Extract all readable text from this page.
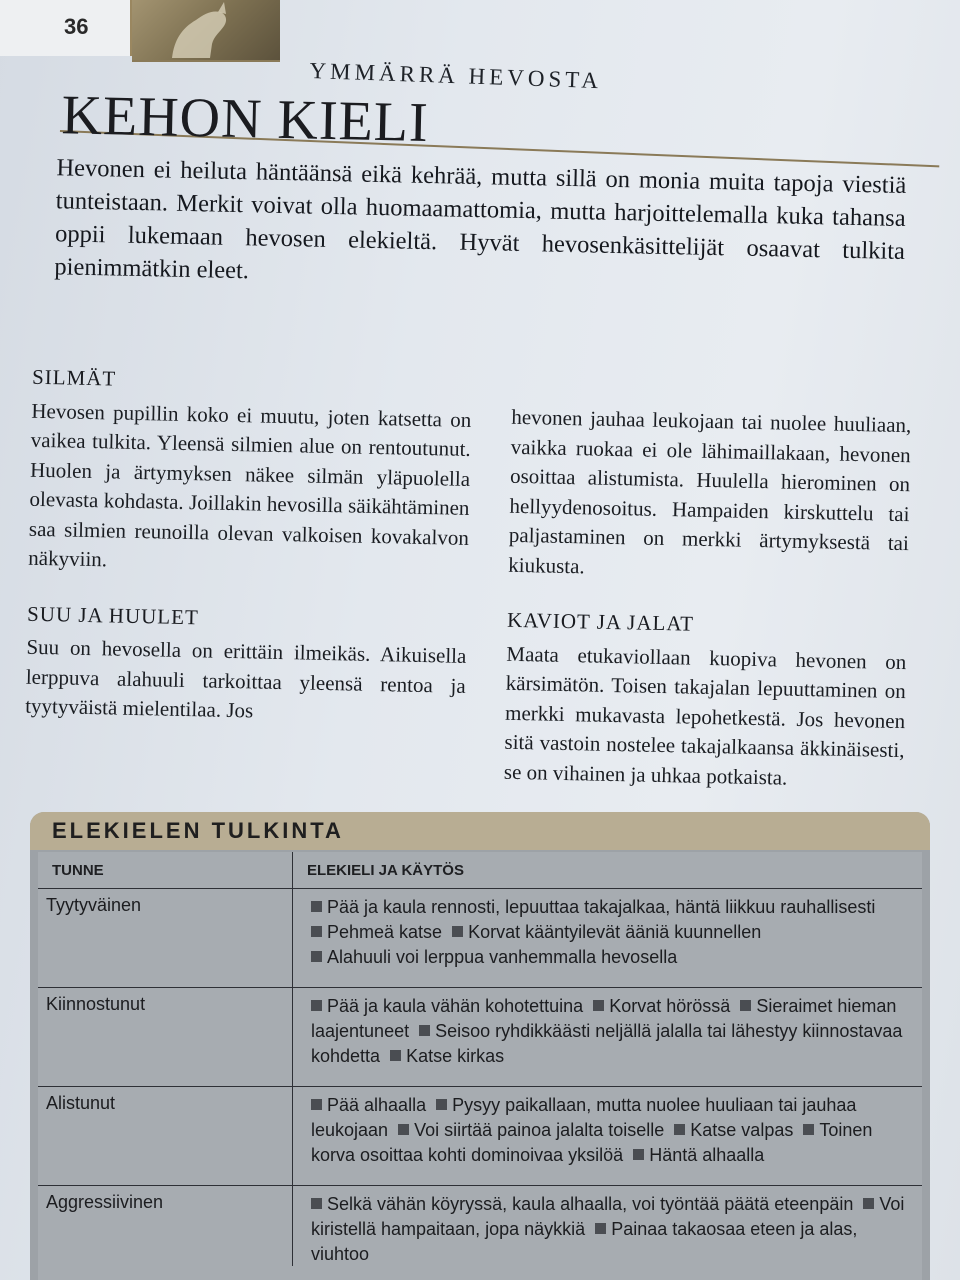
36
YMMÄRRÄ HEVOSTA
KEHON KIELI

Hevonen ei heiluta häntäänsä eikä kehrää, mutta sillä on monia muita tapoja viestiä tunteistaan. Merkit voivat olla huomaamattomia, mutta harjoittelemalla kuka tahansa oppii lukemaan hevosen elekieltä. Hyvät hevosenkäsittelijät osaavat tulkita pienimmätkin eleet.

SILMÄT

Hevosen pupillin koko ei muutu, joten katsetta on vaikea tulkita. Yleensä silmien alue on rentoutunut. Huolen ja ärtymyksen näkee silmän yläpuolella olevasta kohdasta. Joillakin hevosilla säikähtäminen saa silmien reunoilla olevan valkoisen kovakalvon näkyviin.

SUU JA HUULET

Suu on hevosella on erittäin ilmeikäs. Aikuisella lerppuva alahuuli tarkoittaa yleensä rentoa ja tyytyväistä mielentilaa. Jos

hevonen jauhaa leukojaan tai nuolee huuliaan, vaikka ruokaa ei ole lähimaillakaan, hevonen osoittaa alistumista. Huulella hierominen on hellyydenosoitus. Hampaiden kirskuttelu tai paljastaminen on merkki ärtymyksestä tai kiukusta.

KAVIOT JA JALAT

Maata etukaviollaan kuopiva hevonen on kärsimätön. Toisen takajalan lepuuttaminen on merkki mukavasta lepohetkestä. Jos hevonen sitä vastoin nostelee takajalkaansa äkkinäisesti, se on vihainen ja uhkaa potkaista.

ELEKIELEN TULKINTA
TUNNE	ELEKIELI JA KÄYTÖS
Tyytyväinen	Pää ja kaula rennosti, lepuuttaa takajalkaa, häntä liikkuu rauhallisesti
Pehmeä katse Korvat kääntyilevät ääniä kuunnellen
Alahuuli voi lerppua vanhemmalla hevosella
Kiinnostunut	Pää ja kaula vähän kohotettuina Korvat hörössä Sieraimet hieman laajentuneet Seisoo ryhdikkäästi neljällä jalalla tai lähestyy kiinnostavaa kohdetta Katse kirkas
Alistunut	Pää alhaalla Pysyy paikallaan, mutta nuolee huuliaan tai jauhaa leukojaan Voi siirtää painoa jalalta toiselle Katse valpas Toinen korva osoittaa kohti dominoivaa yksilöä Häntä alhaalla
Aggressiivinen	Selkä vähän köyryssä, kaula alhaalla, voi työntää päätä eteenpäin Voi kiristellä hampaitaan, jopa näykkiä Painaa takaosaa eteen ja alas, viuhtoo
